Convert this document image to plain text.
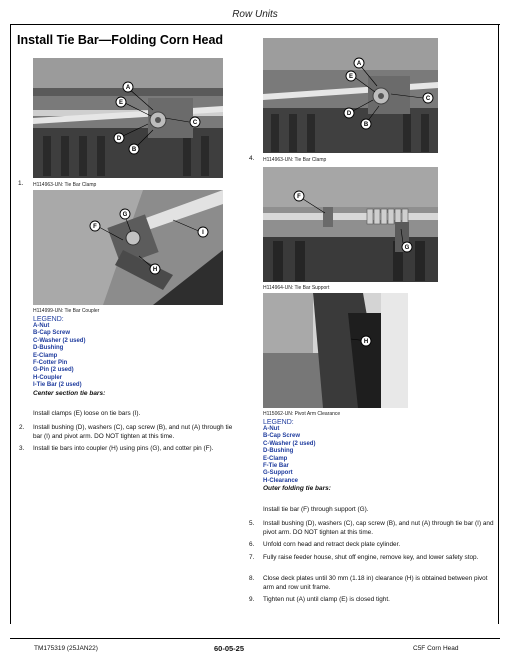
Row Units
Install Tie Bar—Folding Corn Head
A
E
C
D
B
1. H114963-UN: Tie Bar Clamp
F
G
I
H
H114999-UN: Tie Bar Coupler
LEGEND:
A-Nut
B-Cap Screw
C-Washer (2 used)
D-Bushing
E-Clamp
F-Cotter Pin
G-Pin (2 used)
H-Coupler
I-Tie Bar (2 used)
Center section tie bars:
Install clamps (E) loose on tie bars (I).
2. Install bushing (D), washers (C), cap screw (B), and nut (A) through tie bar (I) and pivot arm. DO NOT tighten at this time.
3. Install tie bars into coupler (H) using pins (G), and cotter pin (F).
A
E
C
D
B
4. H114963-UN: Tie Bar Clamp
F
G
H114964-UN: Tie Bar Support
H
H115062-UN: Pivot Arm Clearance
LEGEND:
A-Nut
B-Cap Screw
C-Washer (2 used)
D-Bushing
E-Clamp
F-Tie Bar
G-Support
H-Clearance
Outer folding tie bars:
Install tie bar (F) through support (G).
5. Install bushing (D), washers (C), cap screw (B), and nut (A) through tie bar (I) and pivot arm. DO NOT tighten at this time.
6. Unfold corn head and retract deck plate cylinder.
7. Fully raise feeder house, shut off engine, remove key, and lower safety stop.
8. Close deck plates until 30 mm (1.18 in) clearance (H) is obtained between pivot arm and row unit frame.
9. Tighten nut (A) until clamp (E) is closed tight.
TM175319 (25JAN22)	60-05-25	C5F Corn Head
